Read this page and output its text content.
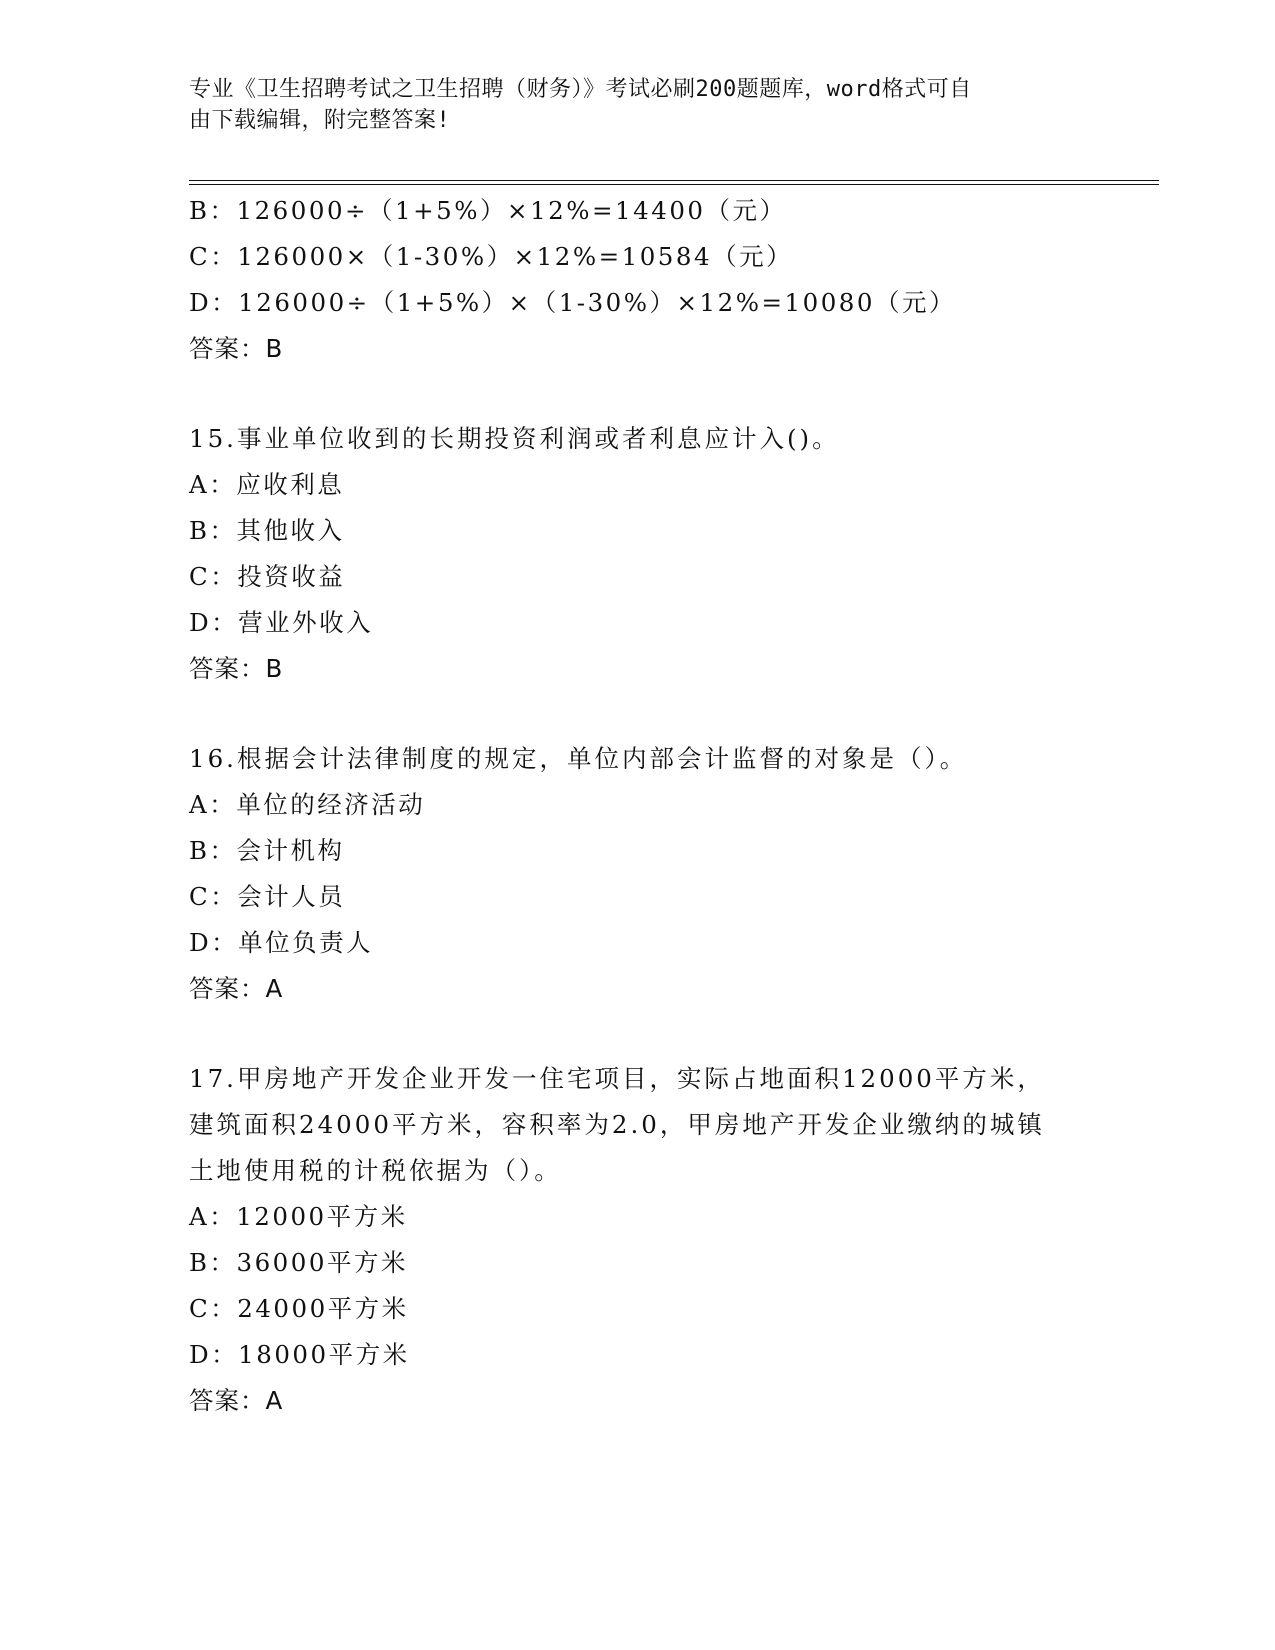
专业《卫生招聘考试之卫生招聘（财务）》考试必刷200题题库，word格式可自
由下载编辑，附完整答案!
B：126000÷（1+5%）×12%=14400（元）
C：126000×（1-30%）×12%=10584（元）
D：126000÷（1+5%）×（1-30%）×12%=10080（元）
答案：B
15.事业单位收到的长期投资利润或者利息应计入()。
A：应收利息
B：其他收入
C：投资收益
D：营业外收入
答案：B
16.根据会计法律制度的规定，单位内部会计监督的对象是（）。
A：单位的经济活动
B：会计机构
C：会计人员
D：单位负责人
答案：A
17.甲房地产开发企业开发一住宅项目，实际占地面积12000平方米，
建筑面积24000平方米，容积率为2.0，甲房地产开发企业缴纳的城镇
土地使用税的计税依据为（）。
A：12000平方米
B：36000平方米
C：24000平方米
D：18000平方米
答案：A
